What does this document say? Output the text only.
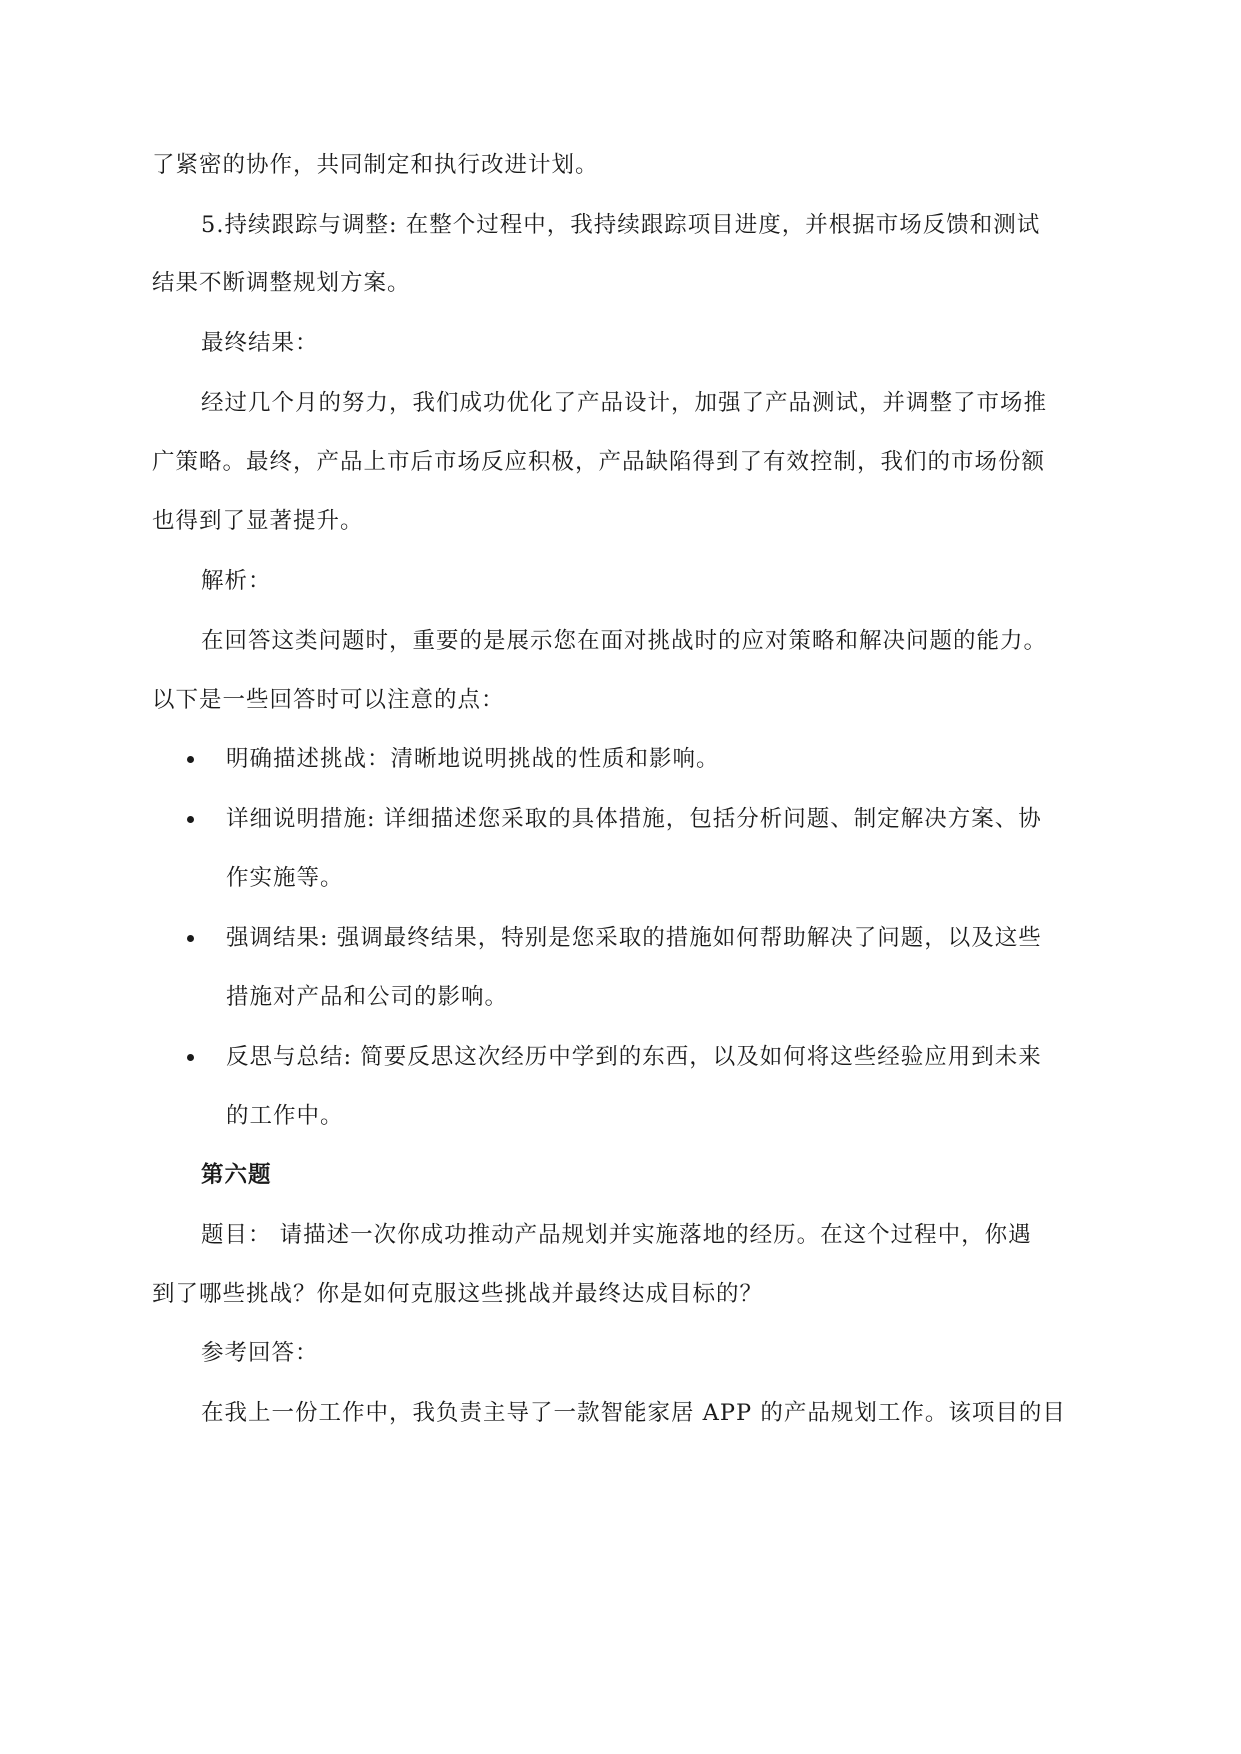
了紧密的协作，共同制定和执行改进计划。
5.持续跟踪与调整: 在整个过程中，我持续跟踪项目进度，并根据市场反馈和测试
结果不断调整规划方案。
最终结果：
经过几个月的努力，我们成功优化了产品设计，加强了产品测试，并调整了市场推
广策略。最终，产品上市后市场反应积极，产品缺陷得到了有效控制，我们的市场份额
也得到了显著提升。
解析：
在回答这类问题时，重要的是展示您在面对挑战时的应对策略和解决问题的能力。
以下是一些回答时可以注意的点：
明确描述挑战：清晰地说明挑战的性质和影响。
详细说明措施: 详细描述您采取的具体措施，包括分析问题、制定解决方案、协
作实施等。
强调结果: 强调最终结果，特别是您采取的措施如何帮助解决了问题，以及这些
措施对产品和公司的影响。
反思与总结: 简要反思这次经历中学到的东西，以及如何将这些经验应用到未来
的工作中。
第六题
题目： 请描述一次你成功推动产品规划并实施落地的经历。在这个过程中，你遇
到了哪些挑战？你是如何克服这些挑战并最终达成目标的？
参考回答：
在我上一份工作中，我负责主导了一款智能家居 APP 的产品规划工作。该项目的目
